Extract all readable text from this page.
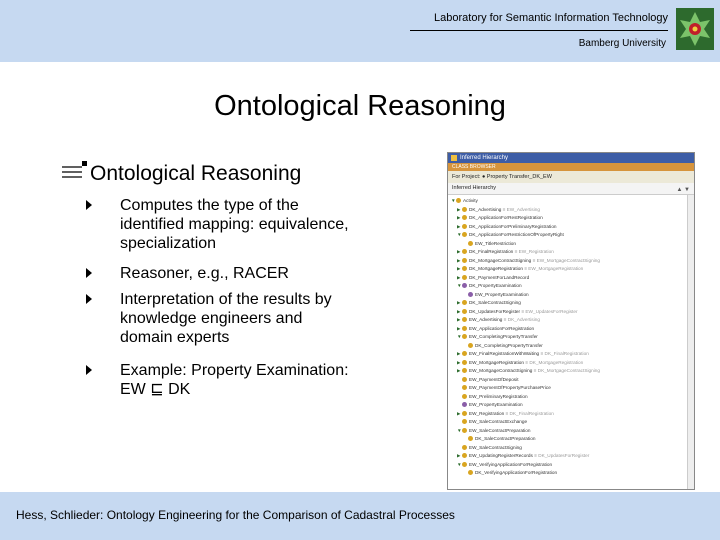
Laboratory for Semantic Information Technology
Bamberg University
Ontological Reasoning
Ontological Reasoning
Computes the type of the identified mapping: equivalence, specialization
Reasoner, e.g., RACER
Interpretation of the results by knowledge engineers and domain experts
Example: Property Examination: EW ⊑ DK
Inferred Hierarchy
CLASS BROWSER
For Project: ● Property Transfer_DK_EW
Inferred Hierarchy	▲ ▼
▼ Activity
▶ DK_Advertising ≡ EW_Advertising
▶ DK_ApplicationForRestRegistration
▶ DK_ApplicationForPreliminaryRegistration
▼ DK_ApplicationForRestrictionOfPropertyRight
EW_TitleRestriction
▶ DK_FinalRegistration ≡ EW_Registration
▶ DK_MortgageContractSigning ≡ EW_MortgageContractSigning
▶ DK_MortgageRegistration ≡ EW_MortgageRegistration
▶ DK_PaymentForLandRecord
▼ DK_PropertyExamination
EW_PropertyExamination
▶ DK_SaleContractSigning
▶ DK_UpdatesForRegister ≡ EW_UpdatesForRegister
▶ EW_Advertising ≡ DK_Advertising
▶ EW_ApplicationForRegistration
▼ EW_CompletingPropertyTransfer
DK_CompletingPropertyTransfer
▶ EW_FinalRegistrationWithWaiting ≡ DK_FinalRegistration
▶ EW_MortgageRegistration ≡ DK_MortgageRegistration
▶ EW_MortgageContractSigning ≡ DK_MortgageContractSigning
EW_PaymentOfDeposit
EW_PaymentOfPropertyPurchasePrice
EW_PreliminaryRegistration
EW_PropertyExamination
▶ EW_Registration ≡ DK_FinalRegistration
EW_SaleContractExchange
▼ EW_SaleContractPreparation
DK_SaleContractPreparation
EW_SaleContractSigning
▶ EW_UpdatingRegisterRecords ≡ DK_UpdatesForRegister
▼ EW_VerifyingApplicationForRegistration
DK_VerifyingApplicationForRegistration
Hess, Schlieder: Ontology Engineering for the Comparison of Cadastral Processes
